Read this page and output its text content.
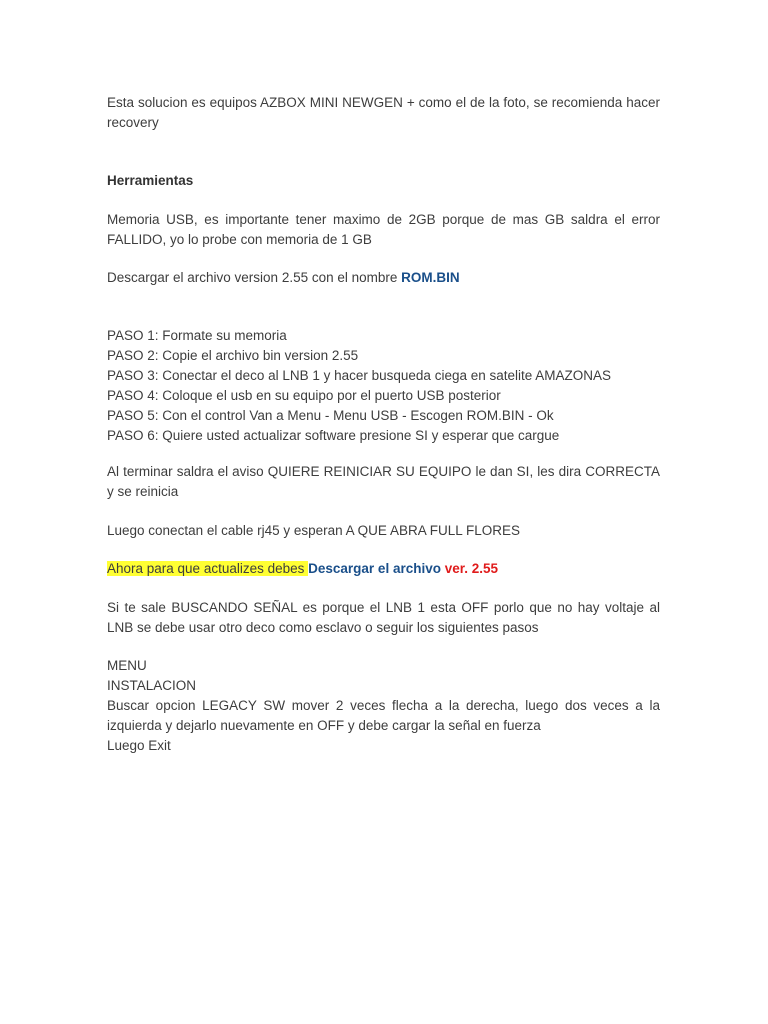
Esta solucion es equipos AZBOX MINI NEWGEN + como el de la foto, se recomienda hacer recovery

Herramientas

Memoria USB, es importante tener maximo de 2GB porque de mas GB saldra el error FALLIDO, yo lo probe con memoria de 1 GB

Descargar el archivo version 2.55 con el nombre ROM.BIN

PASO 1: Formate su memoria

PASO 2: Copie el archivo bin version 2.55

PASO 3: Conectar el deco al LNB 1 y hacer busqueda ciega en satelite AMAZONAS

PASO 4: Coloque el usb en su equipo por el puerto USB posterior

PASO 5: Con el control Van a Menu - Menu USB - Escogen ROM.BIN - Ok

PASO 6: Quiere usted actualizar software presione SI y esperar que cargue

Al terminar saldra el aviso QUIERE REINICIAR SU EQUIPO le dan SI, les dira CORRECTA y se reinicia

Luego conectan el cable rj45 y esperan A QUE ABRA FULL FLORES

Ahora para que actualizes debes Descargar el archivo ver. 2.55

Si te sale BUSCANDO SEÑAL es porque el LNB 1 esta OFF porlo que no hay voltaje al LNB se debe usar otro deco como esclavo o seguir los siguientes pasos

MENU

INSTALACION

Buscar opcion LEGACY SW mover 2 veces flecha a la derecha, luego dos veces a la izquierda y dejarlo nuevamente en OFF y debe cargar la señal en fuerza

Luego Exit
